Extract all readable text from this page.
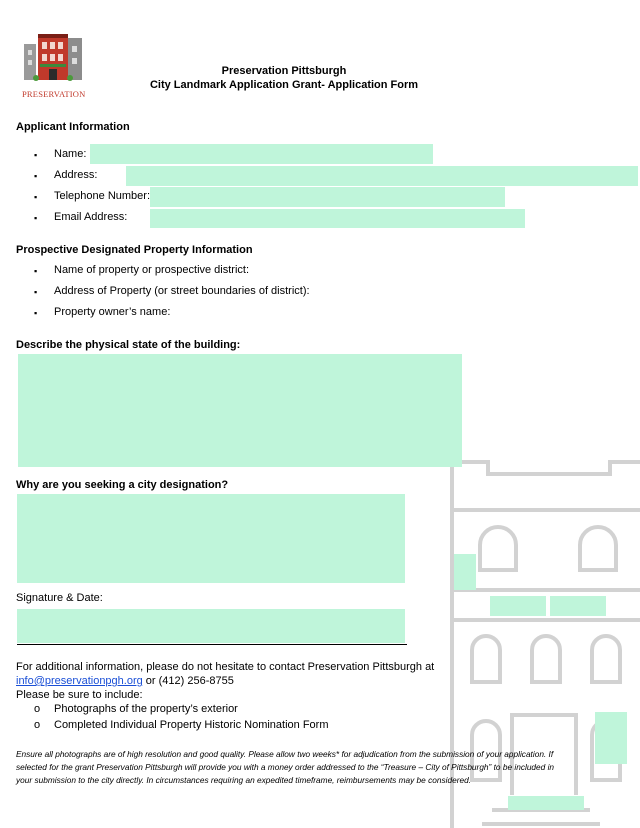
PRESERVATION
Preservation Pittsburgh
City Landmark Application Grant- Application Form
Applicant Information
▪ Name:
▪ Address:
▪ Telephone Number:
▪ Email Address:
Prospective Designated Property Information
▪ Name of property or prospective district:
▪ Address of Property (or street boundaries of district):
▪ Property owner’s name:
Describe the physical state of the building:
Why are you seeking a city designation?
Signature & Date:
For additional information, please do not hesitate to contact Preservation Pittsburgh at
info@preservationpgh.org or (412) 256-8755
Please be sure to include:
o Photographs of the property’s exterior
o Completed Individual Property Historic Nomination Form
Ensure all photographs are of high resolution and good quality. Please allow two weeks* for adjudication from the submission of your application. If selected for the grant Preservation Pittsburgh will provide you with a money order addressed to the “Treasure – City of Pittsburgh” to be included in your submission to the city directly. In circumstances requiring an expedited timeframe, reimbursements may be considered.
